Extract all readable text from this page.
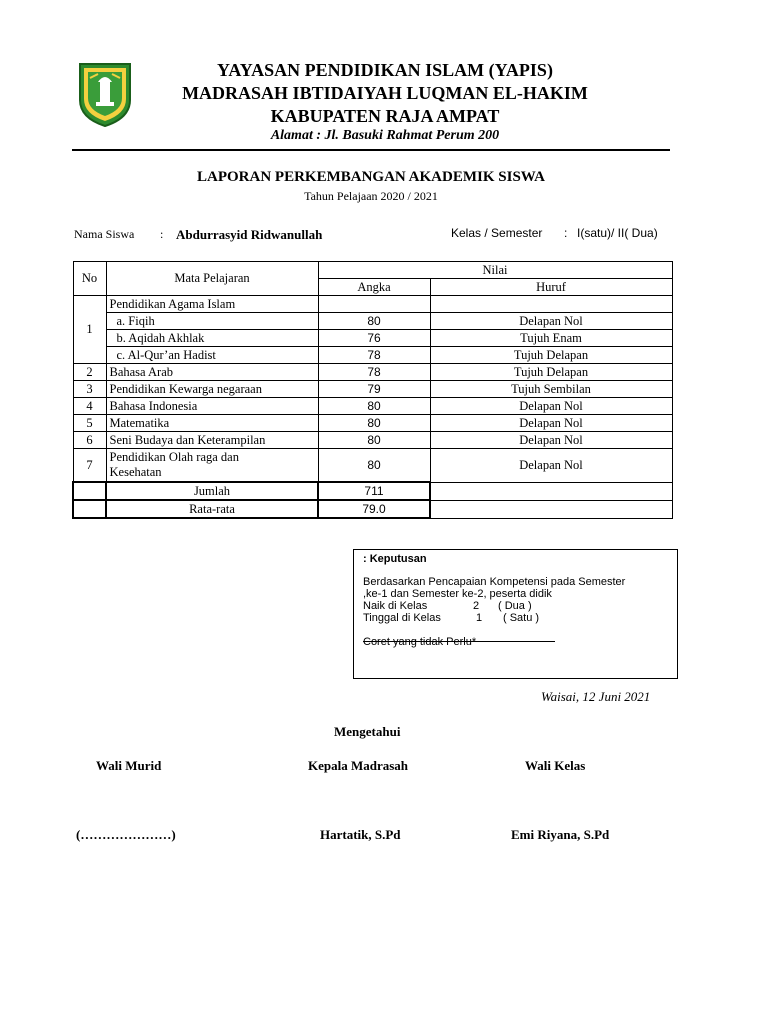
YAYASAN PENDIDIKAN ISLAM (YAPIS)
MADRASAH IBTIDAIYAH LUQMAN EL-HAKIM
KABUPATEN RAJA AMPAT
Alamat : Jl. Basuki Rahmat Perum 200
LAPORAN PERKEMBANGAN AKADEMIK SISWA
Tahun Pelajaan 2020 / 2021
Nama Siswa : Abdurrasyid Ridwanullah	Kelas / Semester : I(satu)/ II( Dua)
No	Mata Pelajaran	Nilai	
		Angka	Huruf
1	Pendidikan Agama Islam		
	a. Fiqih	80	Delapan Nol
	b. Aqidah Akhlak	76	Tujuh Enam
	c. Al-Qur’an Hadist	78	Tujuh Delapan
2	Bahasa Arab	78	Tujuh Delapan
3	Pendidikan Kewarga negaraan	79	Tujuh Sembilan
4	Bahasa Indonesia	80	Delapan Nol
5	Matematika	80	Delapan Nol
6	Seni Budaya dan Keterampilan	80	Delapan Nol
7	Pendidikan Olah raga dan
Kesehatan	80	Delapan Nol
	Jumlah	711	
	Rata-rata	79.0	
: Keputusan
Berdasarkan Pencapaian Kompetensi pada Semester
,ke-1 dan Semester ke-2, peserta didik
Naik di Kelas	2 ( Dua )
Tinggal di Kelas	1 ( Satu )
Coret yang tidak Perlu*
Waisai, 12 Juni 2021
Mengetahui
Wali Murid	Kepala Madrasah	Wali Kelas
(…………………)	Hartatik, S.Pd	Emi Riyana, S.Pd
